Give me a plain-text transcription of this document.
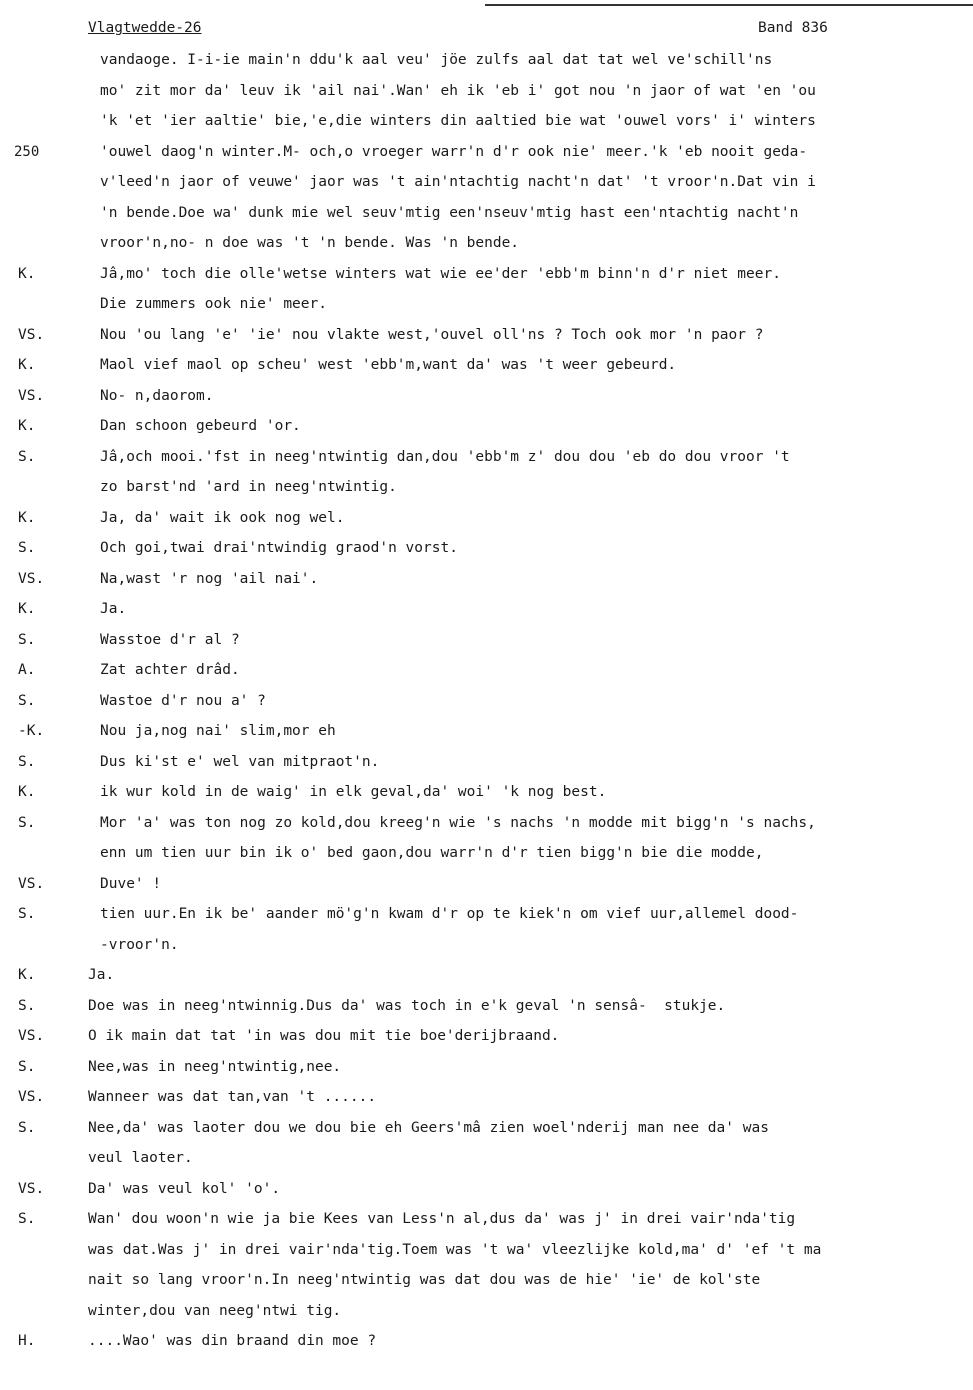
Vlagtwedde-26	Band 836
vandaoge. I-i-ie main'n ddu'k aal veu' jöe zulfs aal dat tat wel ve'schill'ns
mo' zit mor da' leuv ik 'ail nai'.Wan' eh ik 'eb i' got nou 'n jaor of wat 'en 'ou
'k 'et 'ier aaltie' bie,'e,die winters din aaltied bie wat 'ouwel vors' i' winters
250	'ouwel daog'n winter.M- och,o vroeger warr'n d'r ook nie' meer.'k 'eb nooit geda-
v'leed'n jaor of veuwe' jaor was 't ain'ntachtig nacht'n dat' 't vroor'n.Dat vin i
'n bende.Doe wa' dunk mie wel seuv'mtig een'nseuv'mtig hast een'ntachtig nacht'n
vroor'n,no- n doe was 't 'n bende. Was 'n bende.
K.	Jâ,mo' toch die olle'wetse winters wat wie ee'der 'ebb'm binn'n d'r niet meer.
Die zummers ook nie' meer.
VS.	Nou 'ou lang 'e' 'ie' nou vlakte west,'ouvel oll'ns ? Toch ook mor 'n paor ?
K.	Maol vief maol op scheu' west 'ebb'm,want da' was 't weer gebeurd.
VS.	No- n,daorom.
K.	Dan schoon gebeurd 'or.
S.	Jâ,och mooi.'fst in neeg'ntwintig dan,dou 'ebb'm z' dou dou 'eb do dou vroor 't
zo barst'nd 'ard in neeg'ntwintig.
K.	Ja, da' wait ik ook nog wel.
S.	Och goi,twai drai'ntwindig graod'n vorst.
VS.	Na,wast 'r nog 'ail nai'.
K.	Ja.
S.	Wasstoe d'r al ?
A.	Zat achter drâd.
S.	Wastoe d'r nou a' ?
-K.	Nou ja,nog nai' slim,mor eh
S.	Dus ki'st e' wel van mitpraot'n.
K.	ik wur kold in de waig' in elk geval,da' woi' 'k nog best.
S.	Mor 'a' was ton nog zo kold,dou kreeg'n wie 's nachs 'n modde mit bigg'n 's nachs,
enn um tien uur bin ik o' bed gaon,dou warr'n d'r tien bigg'n bie die modde,
VS.	Duve' !
S.	tien uur.En ik be' aander mö'g'n kwam d'r op te kiek'n om vief uur,allemel dood-
-vroor'n.
K.	Ja.
S.	Doe was in neeg'ntwinnig.Dus da' was toch in e'k geval 'n sensâ-  stukje.
VS.	O ik main dat tat 'in was dou mit tie boe'derijbraand.
S.	Nee,was in neeg'ntwintig,nee.
VS.	Wanneer was dat tan,van 't ......
S.	Nee,da' was laoter dou we dou bie eh Geers'mâ zien woel'nderij man nee da' was
veul laoter.
VS.	Da' was veul kol' 'o'.
S.	Wan' dou woon'n wie ja bie Kees van Less'n al,dus da' was j' in drei vair'nda'tig
was dat.Was j' in drei vair'nda'tig.Toem was 't wa' vleezlijke kold,ma' d' 'ef 't ma
nait so lang vroor'n.In neeg'ntwintig was dat dou was de hie' 'ie' de kol'ste
winter,dou van neeg'ntwi tig.
H.	....Wao' was din braand din moe ?
